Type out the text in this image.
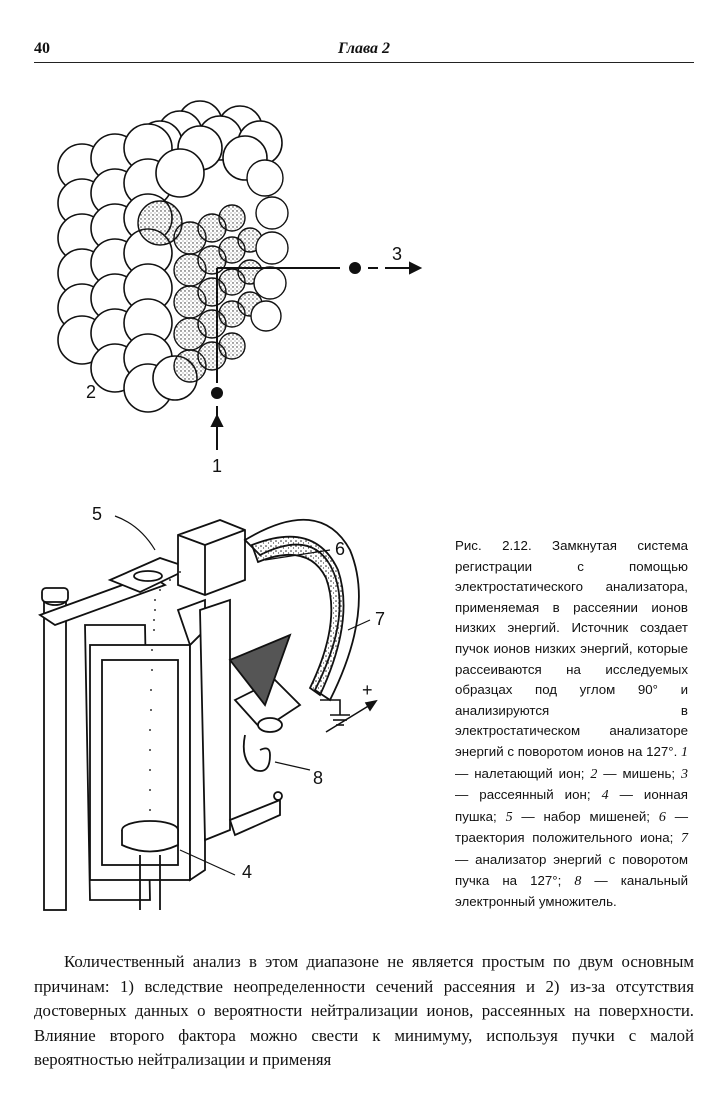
40	Глава 2
1
2
3
4
5
6
7
8
+

Рис. 2.12. Замкнутая система регистрации с помощью электростатического анализатора, применяемая в рассеянии ионов низких энергий. Источник создает пучок ионов низких энергий, которые рассеиваются на исследуемых образцах под углом 90° и анализируются в электростатическом анализаторе энергий с поворотом ионов на 127°. 1 — налетающий ион; 2 — мишень; 3 — рассеянный ион; 4 — ионная пушка; 5 — набор мишеней; 6 — траектория положительного иона; 7 — анализатор энергий с поворотом пучка на 127°; 8 — канальный электронный умножитель.

Количественный анализ в этом диапазоне не является простым по двум основным причинам: 1) вследствие неопределенности сечений рассеяния и 2) из-за отсутствия достоверных данных о вероятности нейтрализации ионов, рассеянных на поверхности. Влияние второго фактора можно свести к минимуму, используя пучки с малой вероятностью нейтрализации и применяя
